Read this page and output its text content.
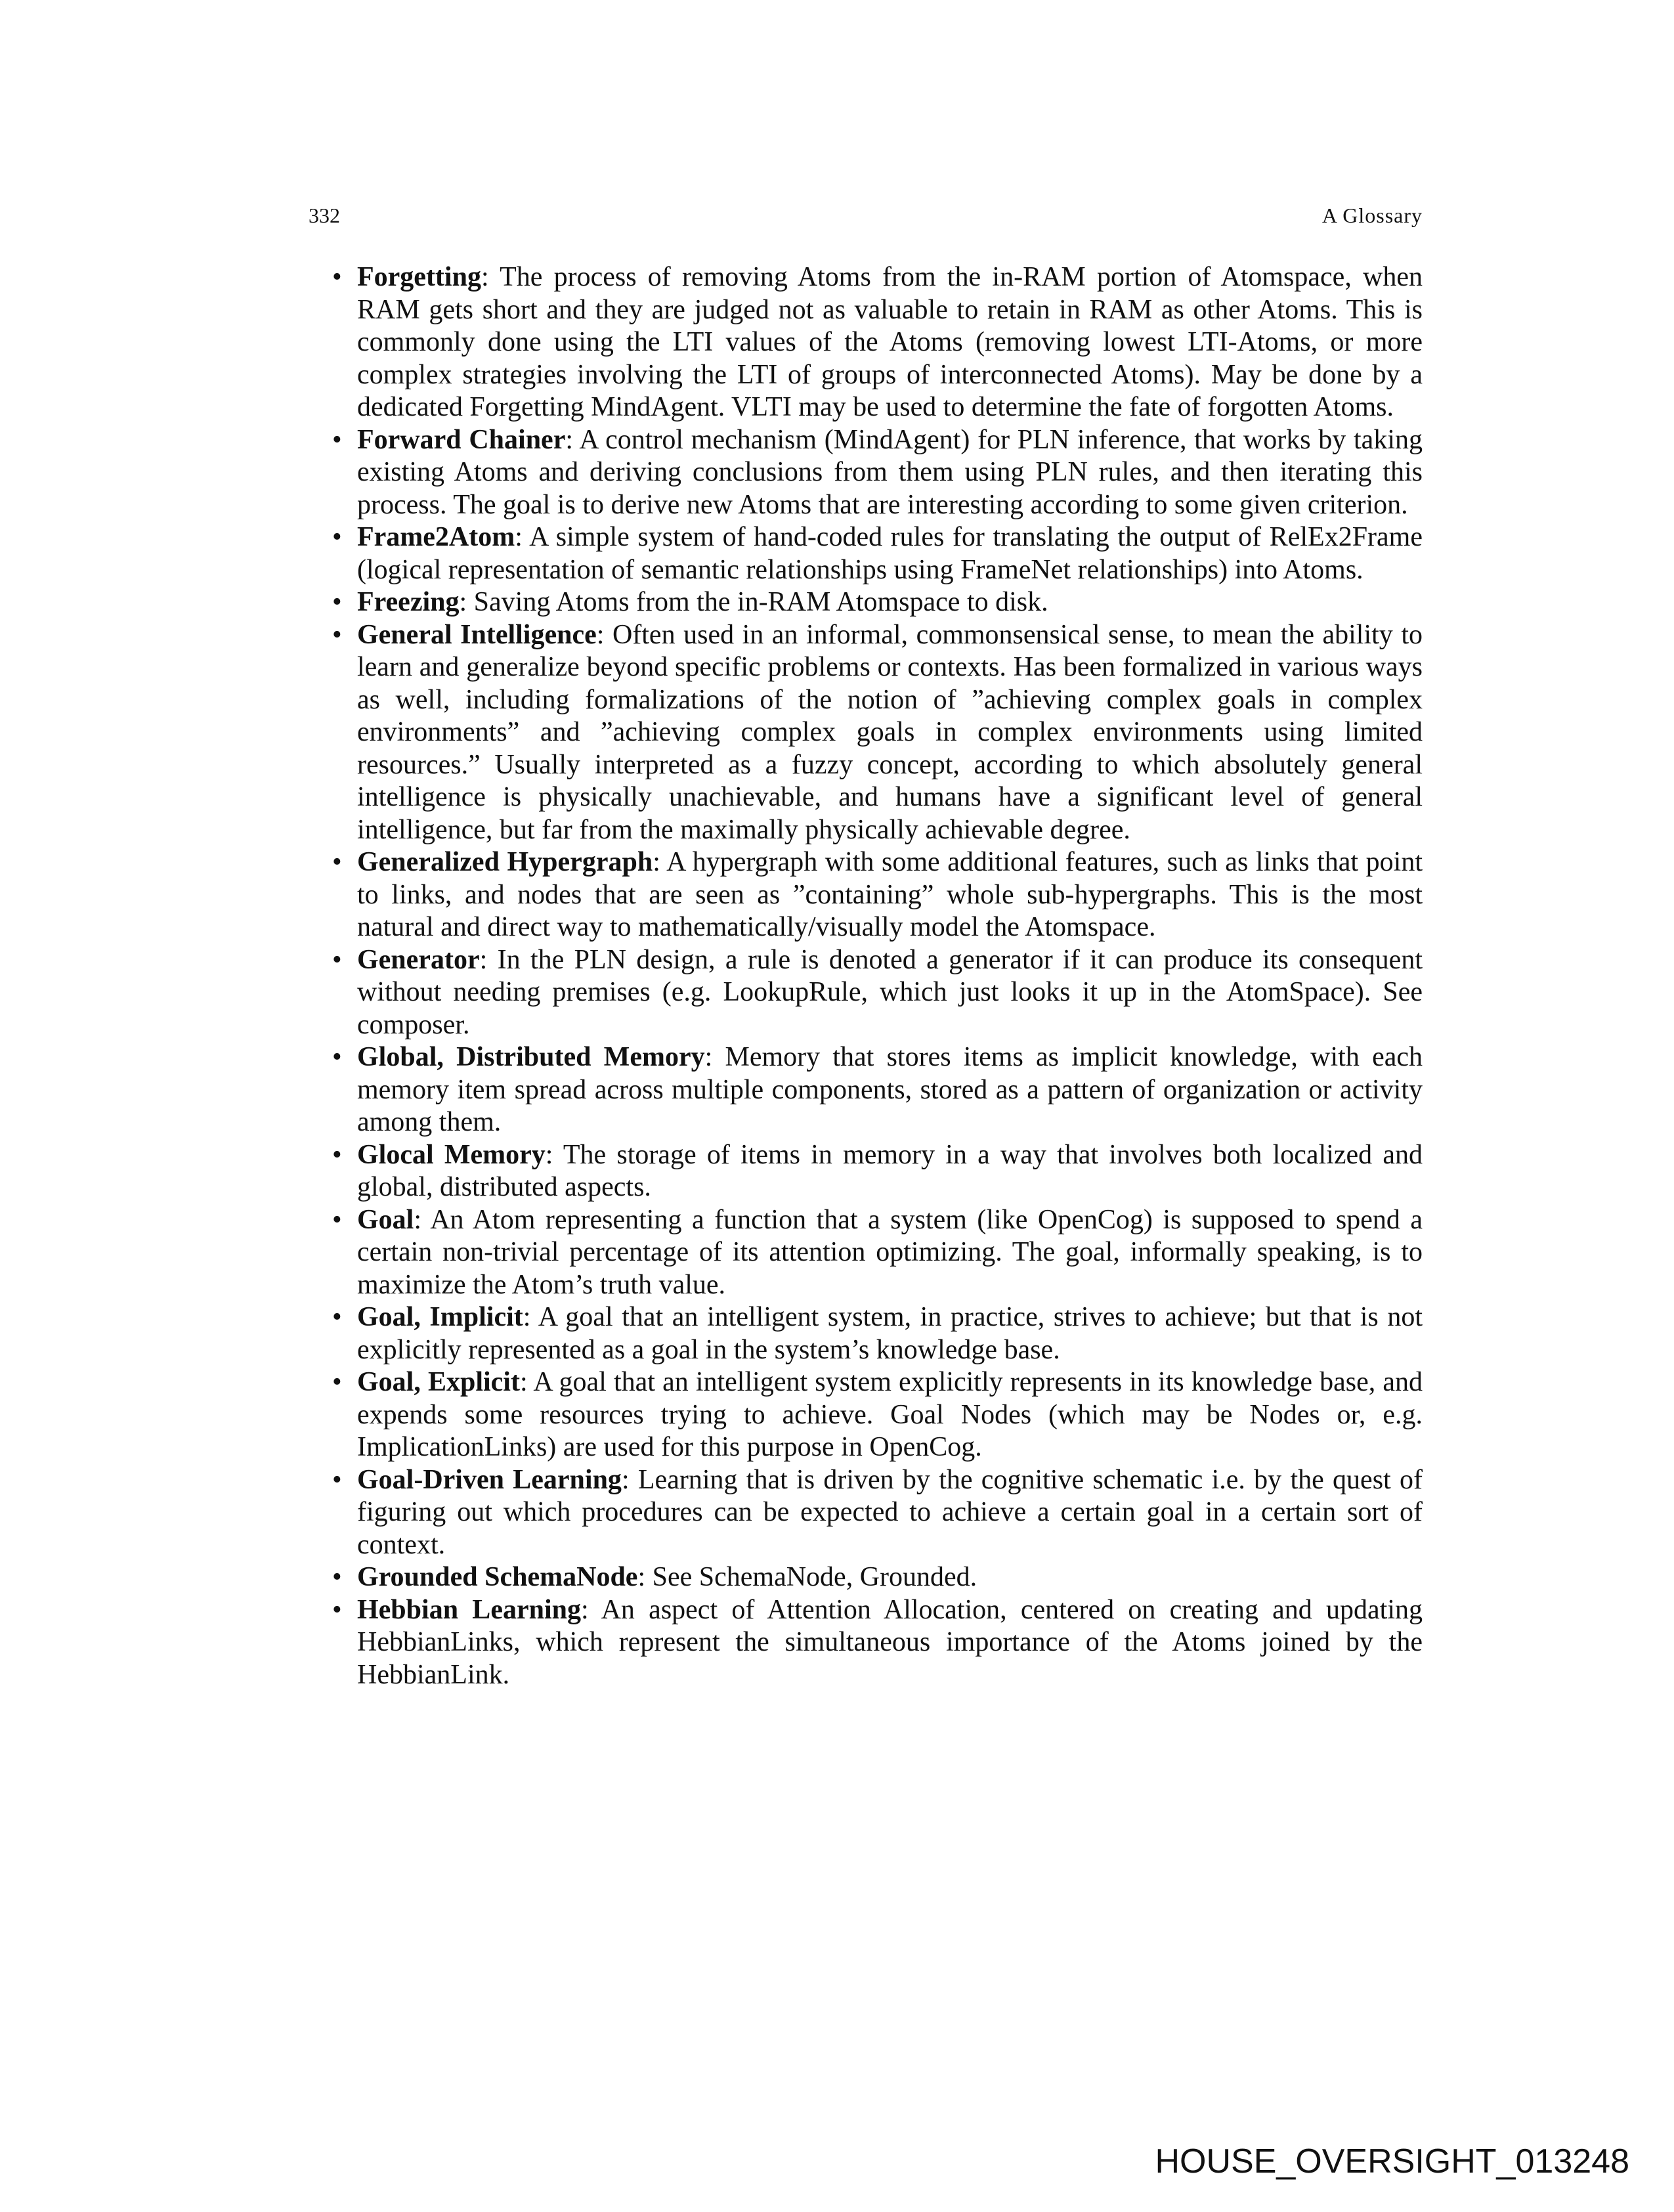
332	A Glossary
• Forgetting: The process of removing Atoms from the in-RAM portion of Atomspace, when RAM gets short and they are judged not as valuable to retain in RAM as other Atoms. This is commonly done using the LTI values of the Atoms (removing lowest LTI-Atoms, or more complex strategies involving the LTI of groups of interconnected Atoms). May be done by a dedicated Forgetting MindAgent. VLTI may be used to determine the fate of forgotten Atoms.
• Forward Chainer: A control mechanism (MindAgent) for PLN inference, that works by taking existing Atoms and deriving conclusions from them using PLN rules, and then iterating this process. The goal is to derive new Atoms that are interesting according to some given criterion.
• Frame2Atom: A simple system of hand-coded rules for translating the output of RelEx2Frame (logical representation of semantic relationships using FrameNet relationships) into Atoms.
• Freezing: Saving Atoms from the in-RAM Atomspace to disk.
• General Intelligence: Often used in an informal, commonsensical sense, to mean the ability to learn and generalize beyond specific problems or contexts. Has been formalized in various ways as well, including formalizations of the notion of ”achieving complex goals in complex environments” and ”achieving complex goals in complex environments using limited resources.” Usually interpreted as a fuzzy concept, according to which absolutely general intelligence is physically unachievable, and humans have a significant level of general intelligence, but far from the maximally physically achievable degree.
• Generalized Hypergraph: A hypergraph with some additional features, such as links that point to links, and nodes that are seen as ”containing” whole sub-hypergraphs. This is the most natural and direct way to mathematically/visually model the Atomspace.
• Generator: In the PLN design, a rule is denoted a generator if it can produce its consequent without needing premises (e.g. LookupRule, which just looks it up in the AtomSpace). See composer.
• Global, Distributed Memory: Memory that stores items as implicit knowledge, with each memory item spread across multiple components, stored as a pattern of organization or activity among them.
• Glocal Memory: The storage of items in memory in a way that involves both localized and global, distributed aspects.
• Goal: An Atom representing a function that a system (like OpenCog) is supposed to spend a certain non-trivial percentage of its attention optimizing. The goal, informally speaking, is to maximize the Atom’s truth value.
• Goal, Implicit: A goal that an intelligent system, in practice, strives to achieve; but that is not explicitly represented as a goal in the system’s knowledge base.
• Goal, Explicit: A goal that an intelligent system explicitly represents in its knowledge base, and expends some resources trying to achieve. Goal Nodes (which may be Nodes or, e.g. ImplicationLinks) are used for this purpose in OpenCog.
• Goal-Driven Learning: Learning that is driven by the cognitive schematic i.e. by the quest of figuring out which procedures can be expected to achieve a certain goal in a certain sort of context.
• Grounded SchemaNode: See SchemaNode, Grounded.
• Hebbian Learning: An aspect of Attention Allocation, centered on creating and updating HebbianLinks, which represent the simultaneous importance of the Atoms joined by the HebbianLink.
HOUSE_OVERSIGHT_013248
